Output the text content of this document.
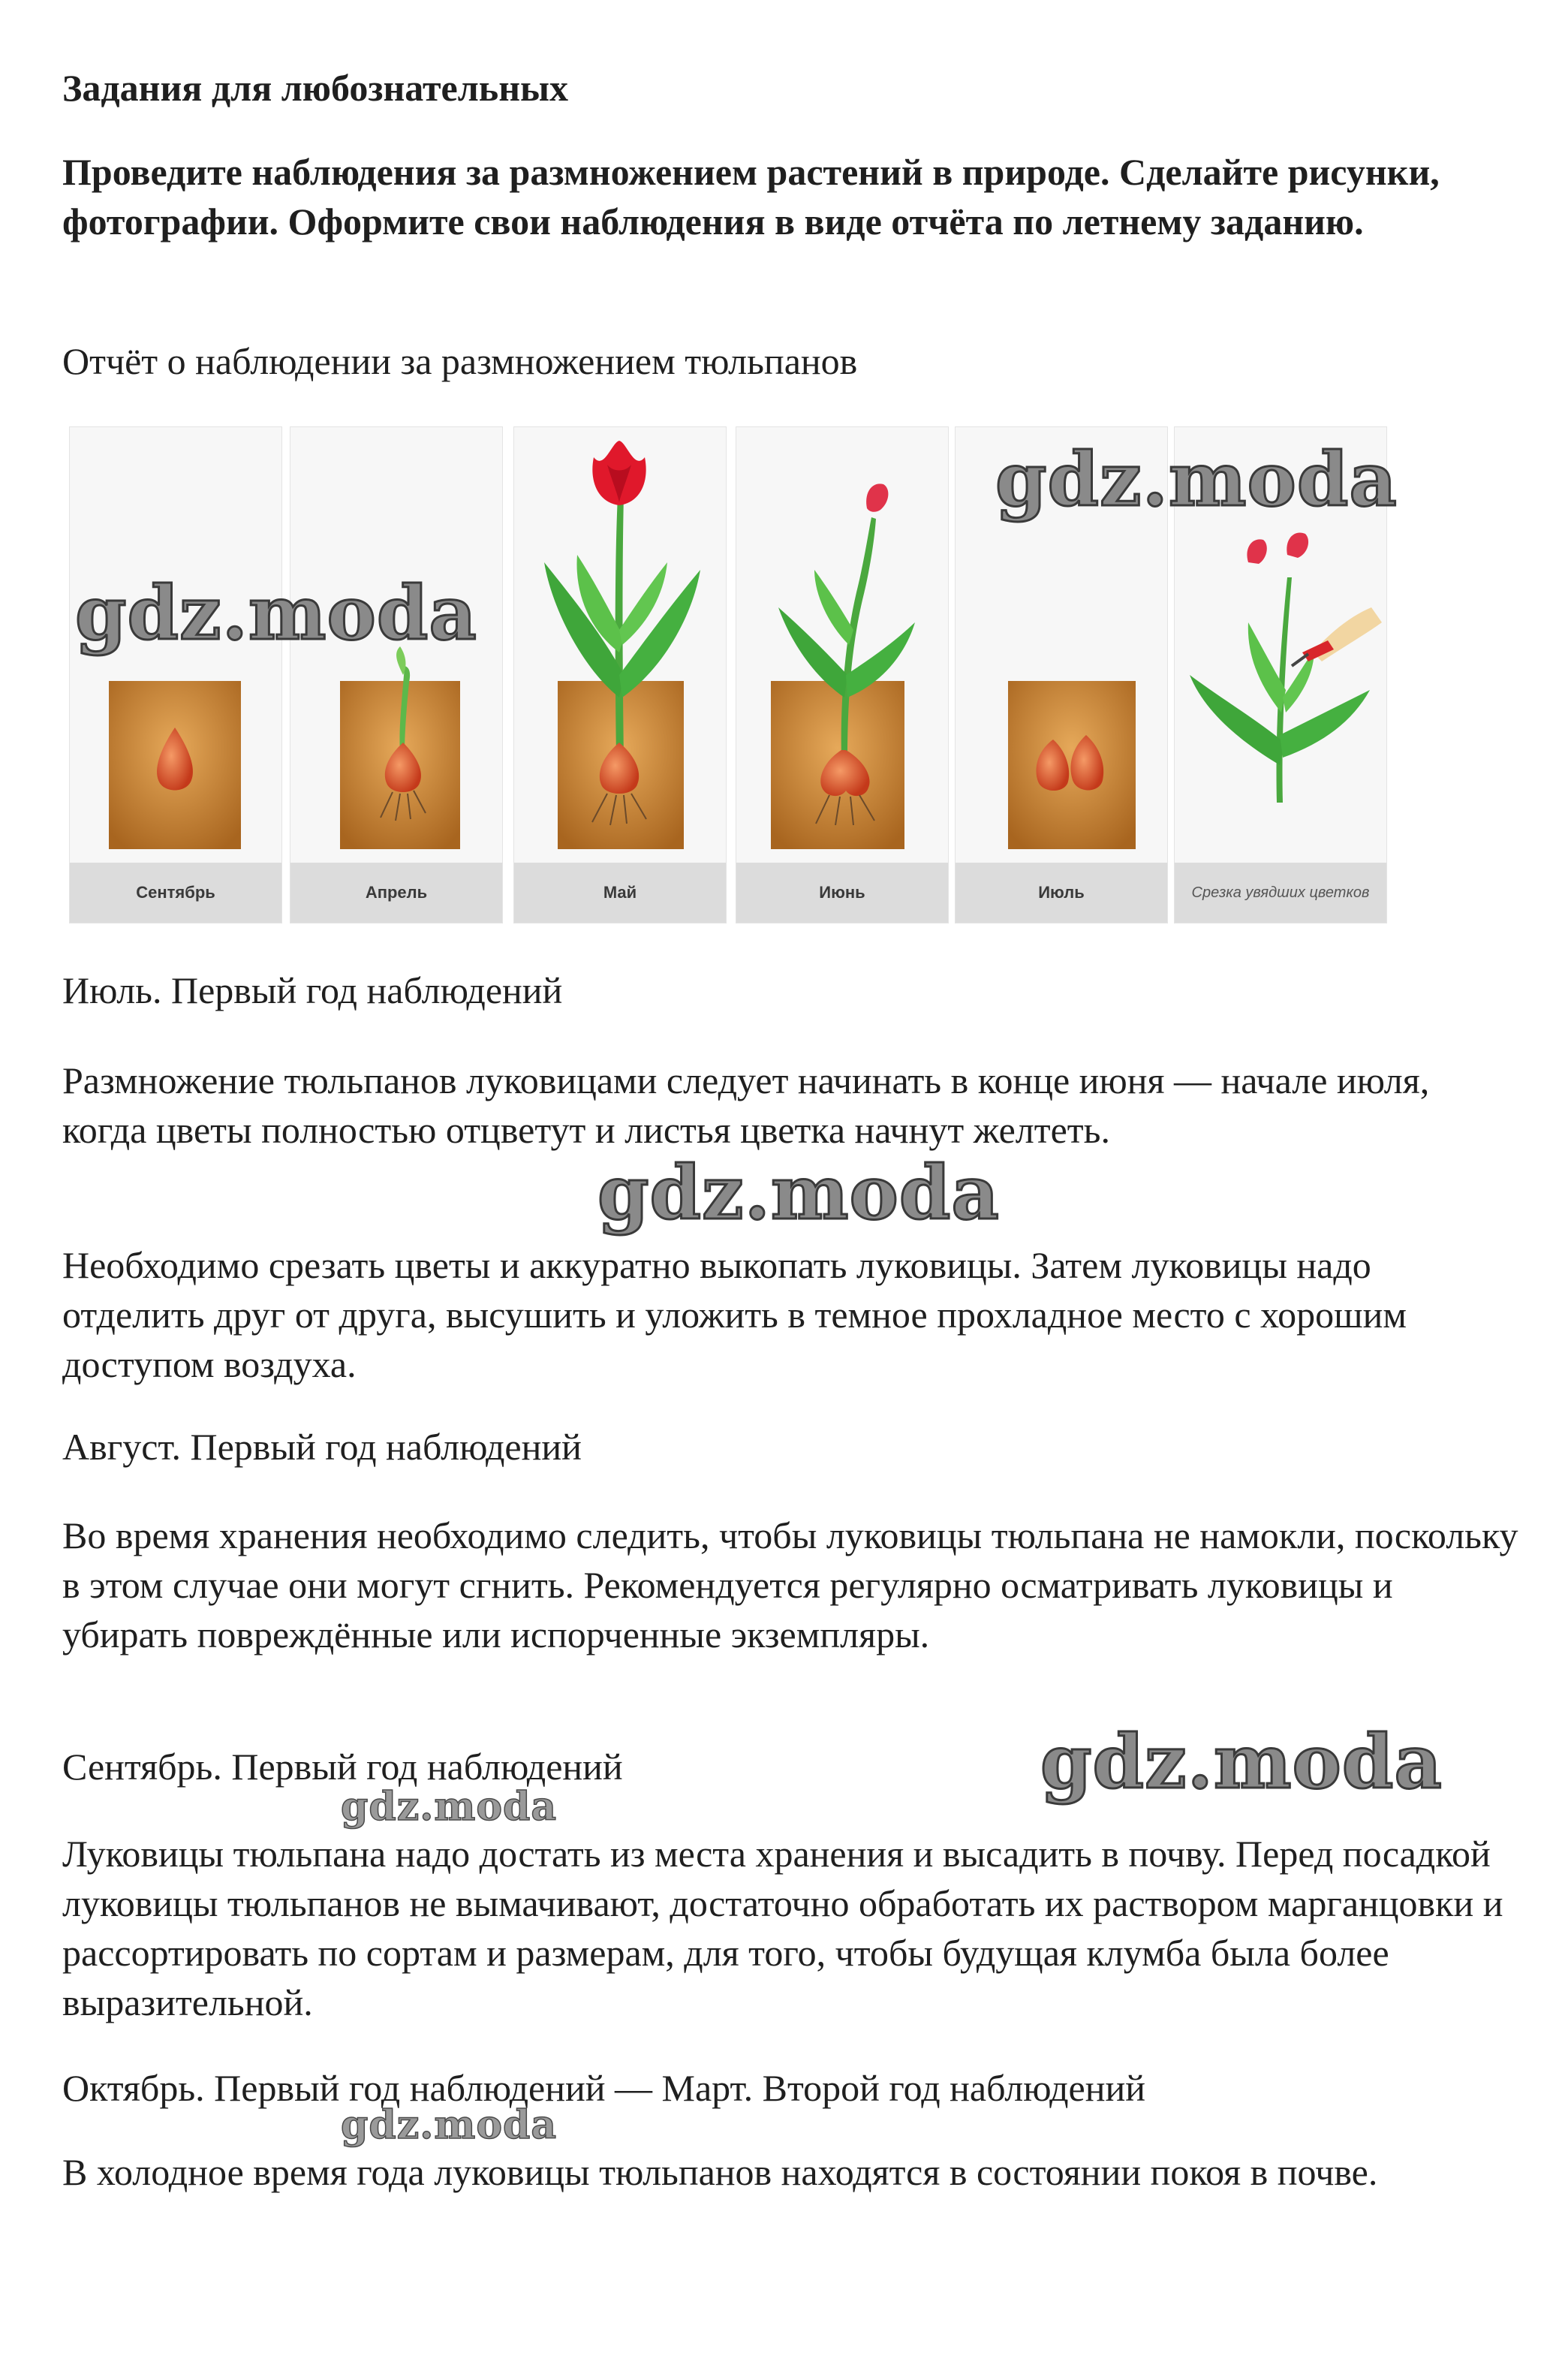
Задания для любознательных

Проведите наблюдения за размножением растений в природе. Сделайте рисунки, фотографии. Оформите свои наблюдения в виде отчёта по летнему заданию.

Отчёт о наблюдении за размножением тюльпанов

Сентябрь	Апрель	Май	Июнь	Июль	Срезка увядших цветков

Июль. Первый год наблюдений

Размножение тюльпанов луковицами следует начинать в конце июня — начале июля, когда цветы полностью отцветут и листья цветка начнут желтеть.

Необходимо срезать цветы и аккуратно выкопать луковицы. Затем луковицы надо отделить друг от друга, высушить и уложить в темное прохладное место с хорошим доступом воздуха.

Август. Первый год наблюдений

Во время хранения необходимо следить, чтобы луковицы тюльпана не намокли, поскольку в этом случае они могут сгнить. Рекомендуется регулярно осматривать луковицы и убирать повреждённые или испорченные экземпляры.

Сентябрь. Первый год наблюдений

Луковицы тюльпана надо достать из места хранения и высадить в почву. Перед посадкой луковицы тюльпанов не вымачивают, достаточно обработать их раствором марганцовки и рассортировать по сортам и размерам, для того, чтобы будущая клумба была более выразительной.

Октябрь. Первый год наблюдений — Март. Второй год наблюдений

В холодное время года луковицы тюльпанов находятся в состоянии покоя в почве.

gdz.moda
gdz.moda
gdz.moda
gdz.moda
gdz.moda
gdz.moda
